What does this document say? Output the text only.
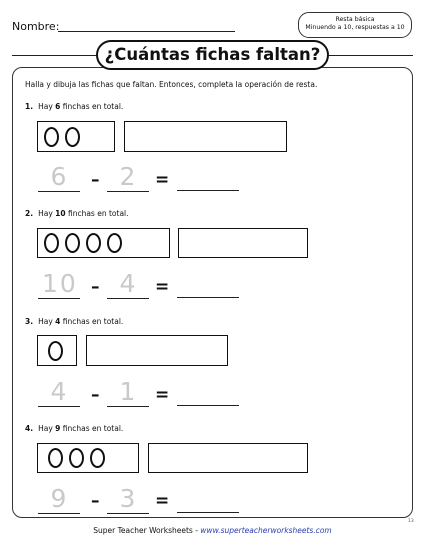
Nombre:
Resta básica
Minuendo a 10, respuestas a 10
¿Cuántas fichas faltan?
Halla y dibuja las fichas que faltan. Entonces, completa la operación de resta.
1. Hay 6 finchas en total.
6	– 2	=
2. Hay 10 finchas en total.
10 – 4	=
3. Hay 4 finchas en total.
4	– 1	=
4. Hay 9 finchas en total.
9	– 3	=
13
Super Teacher Worksheets - www.superteacherworksheets.com
